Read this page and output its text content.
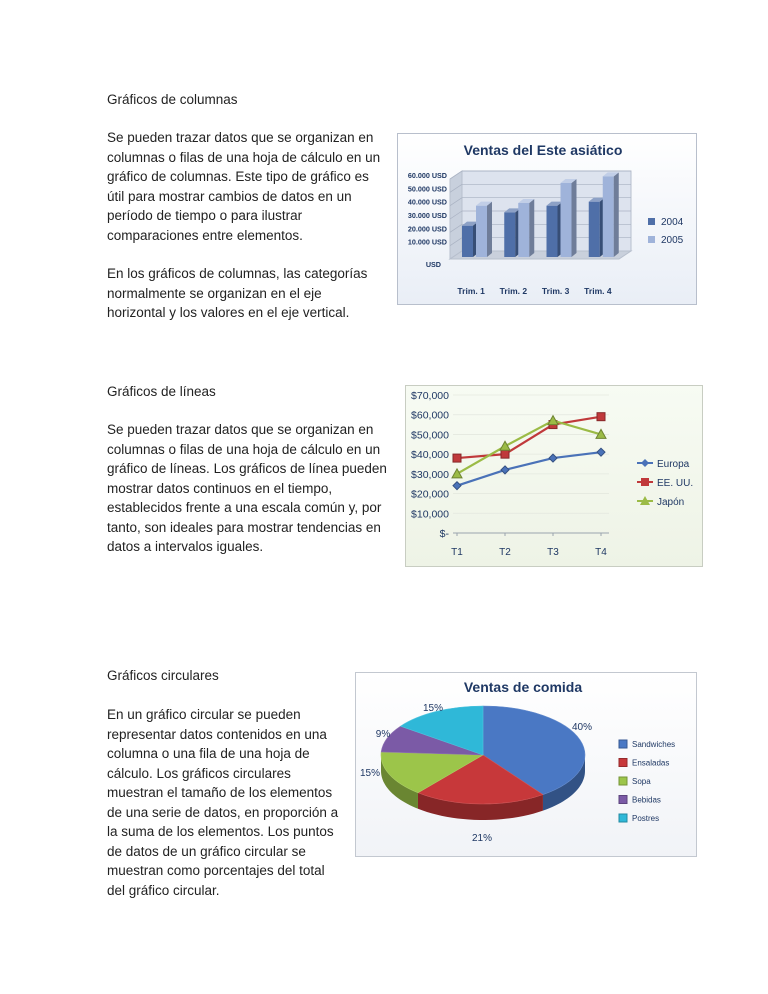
Gráficos de columnas
Se pueden trazar datos que se organizan en
columnas o filas de una hoja de cálculo en un
gráfico de columnas. Este tipo de gráfico es
útil para mostrar cambios de datos en un
período de tiempo o para ilustrar
comparaciones entre elementos.
En los gráficos de columnas, las categorías
normalmente se organizan en el eje
horizontal y los valores en el eje vertical.
Ventas del Este asiático
USD
10.000 USD
20.000 USD
30.000 USD
40.000 USD
50.000 USD
60.000 USD
Trim. 1 Trim. 2 Trim. 3 Trim. 4
2004
2005
Gráficos de líneas
Se pueden trazar datos que se organizan en
columnas o filas de una hoja de cálculo en un
gráfico de líneas. Los gráficos de línea pueden
mostrar datos continuos en el tiempo,
establecidos frente a una escala común y, por
tanto, son ideales para mostrar tendencias en
datos a intervalos iguales.
$-
$10,000
$20,000
$30,000
$40,000
$50,000
$60,000
$70,000
T1	T2	T3	T4
Europa
EE. UU.
Japón
Gráficos circulares
En un gráfico circular se pueden
representar datos contenidos en una
columna o una fila de una hoja de
cálculo. Los gráficos circulares
muestran el tamaño de los elementos
de una serie de datos, en proporción a
la suma de los elementos. Los puntos
de datos de un gráfico circular se
muestran como porcentajes del total
del gráfico circular.
Ventas de comida
40%
21%
15%
9%
15%
Sandwiches
Ensaladas
Sopa
Bebidas
Postres
